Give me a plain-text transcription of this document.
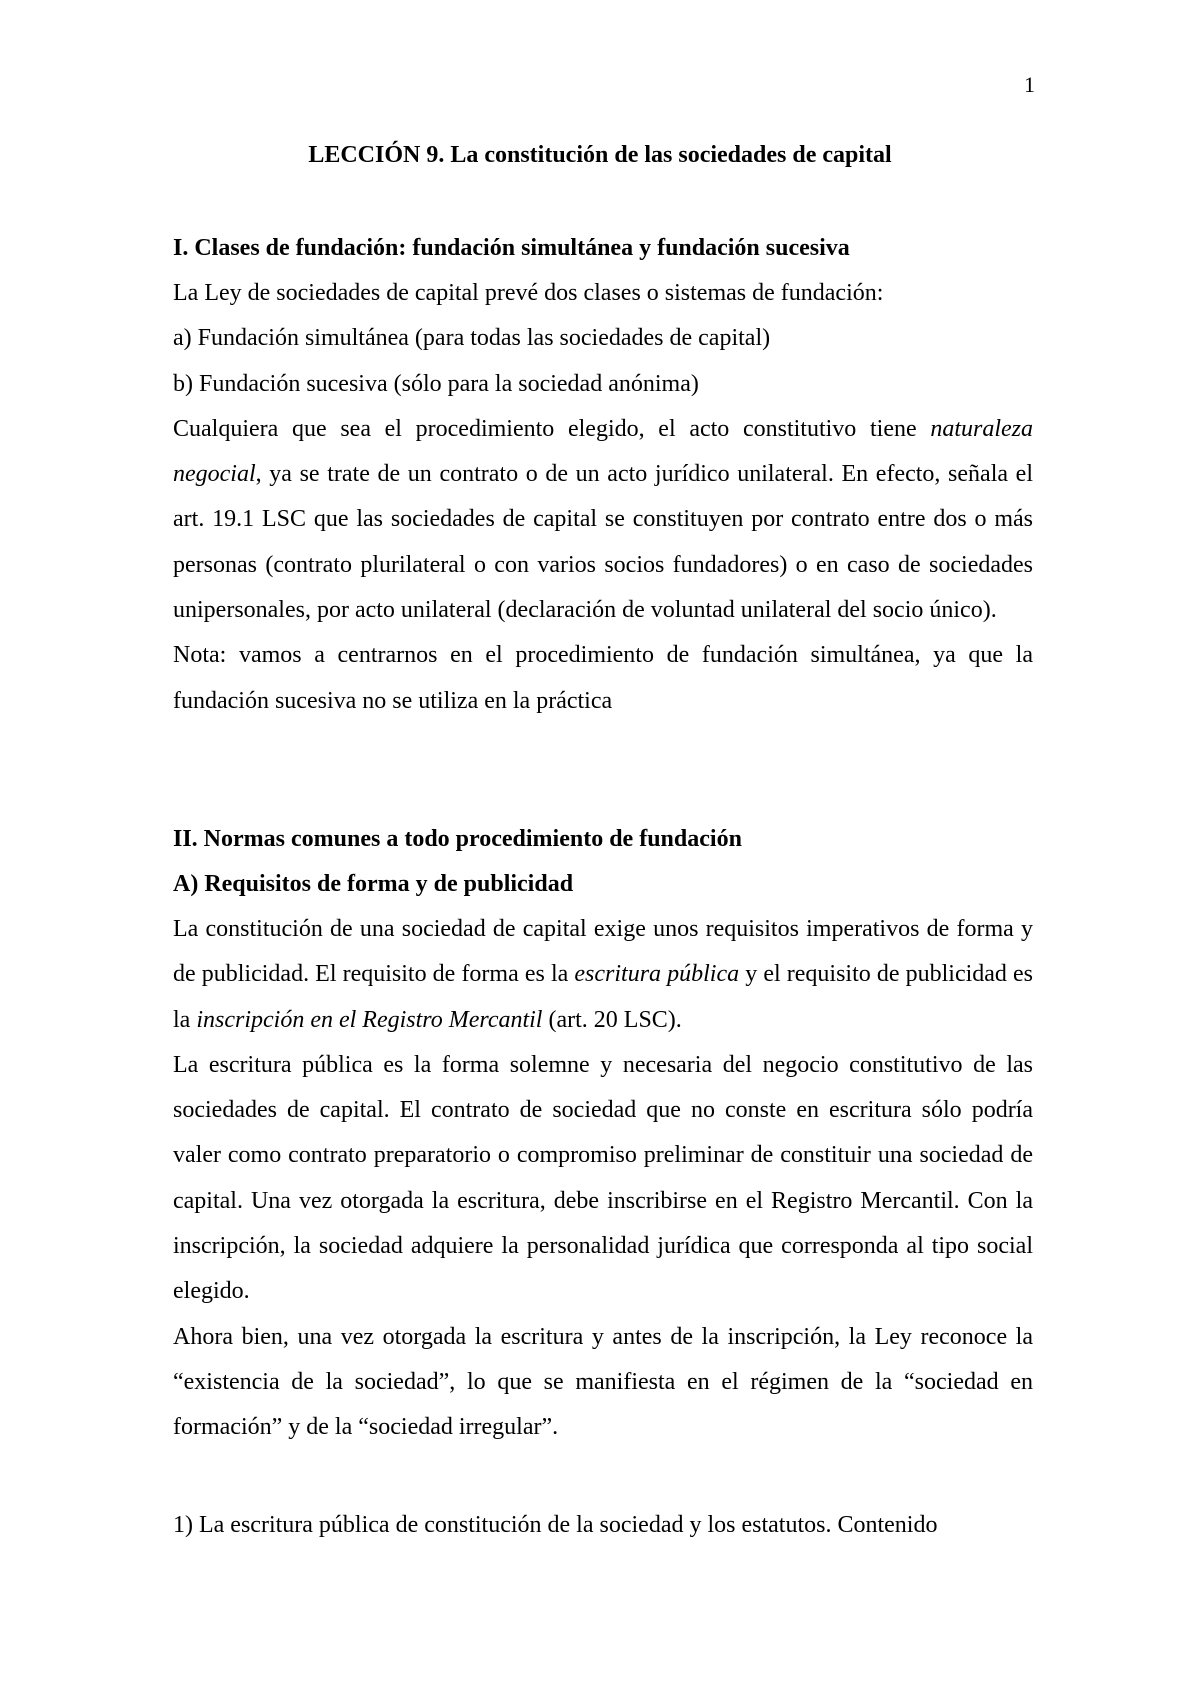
1
LECCIÓN 9. La constitución de las sociedades de capital

I. Clases de fundación: fundación simultánea y fundación sucesiva

La Ley de sociedades de capital prevé dos clases o sistemas de fundación:

a) Fundación simultánea (para todas las sociedades de capital)

b) Fundación sucesiva (sólo para la sociedad anónima)

Cualquiera que sea el procedimiento elegido, el acto constitutivo tiene naturaleza negocial, ya se trate de un contrato o de un acto jurídico unilateral. En efecto, señala el art. 19.1 LSC que las sociedades de capital se constituyen por contrato entre dos o más personas (contrato plurilateral o con varios socios fundadores) o en caso de sociedades unipersonales, por acto unilateral (declaración de voluntad unilateral del socio único).

Nota: vamos a centrarnos en el procedimiento de fundación simultánea, ya que la fundación sucesiva no se utiliza en la práctica

II. Normas comunes a todo procedimiento de fundación

A) Requisitos de forma y de publicidad

La constitución de una sociedad de capital exige unos requisitos imperativos de forma y de publicidad. El requisito de forma es la escritura pública y el requisito de publicidad es la inscripción en el Registro Mercantil (art. 20 LSC).

La escritura pública es la forma solemne y necesaria del negocio constitutivo de las sociedades de capital. El contrato de sociedad que no conste en escritura sólo podría valer como contrato preparatorio o compromiso preliminar de constituir una sociedad de capital. Una vez otorgada la escritura, debe inscribirse en el Registro Mercantil. Con la inscripción, la sociedad adquiere la personalidad jurídica que corresponda al tipo social elegido.

Ahora bien, una vez otorgada la escritura y antes de la inscripción, la Ley reconoce la “existencia de la sociedad”, lo que se manifiesta en el régimen de la “sociedad en formación” y de la “sociedad irregular”.

1) La escritura pública de constitución de la sociedad y los estatutos. Contenido
